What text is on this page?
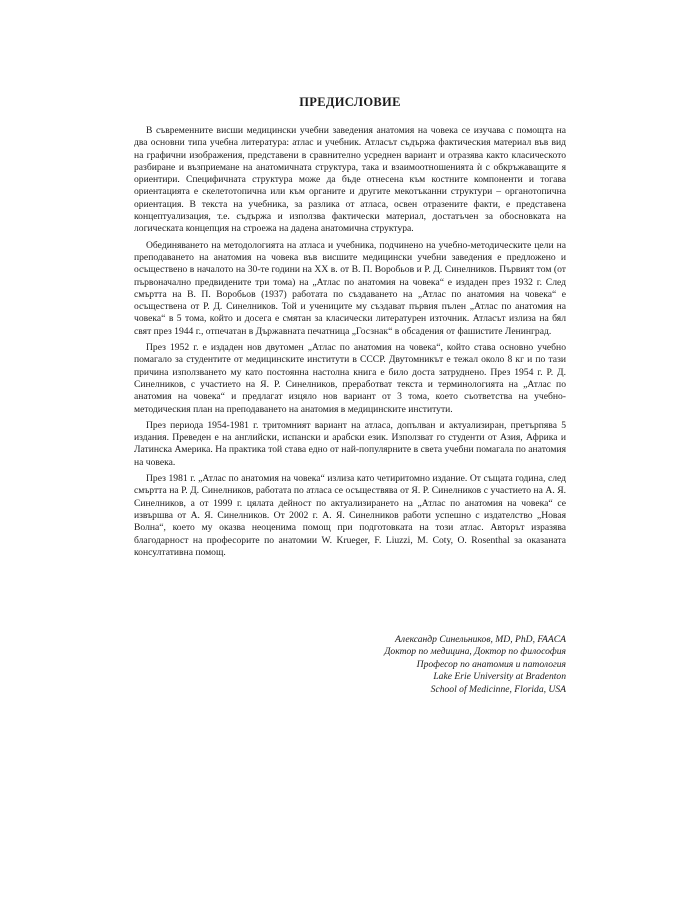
ПРЕДИСЛОВИЕ

В съвременните висши медицински учебни заведения анатомия на човека се изучава с помощта на два основни типа учебна литература: атлас и учебник. Атласът съдържа фактическия материал във вид на графични изображения, представени в сравнително усреднен вариант и отразява както класическото разбиране и възприемане на анатомичната структура, така и взаимоотношенията ѝ с обкръжаващите я ориентири. Специфичната структура може да бъде отнесена към костните компоненти и тогава ориентацията е скелетотопична или към органите и другите мекотъканни структури – органотопична ориентация. В текста на учебника, за разлика от атласа, освен отразените факти, е представена концептуализация, т.е. съдържа и използва фактически материал, достатъчен за обосновката на логическата концепция на строежа на дадена анатомична структура.

Обединяването на методологията на атласа и учебника, подчинено на учебно-методическите цели на преподаването на анатомия на човека във висшите медицински учебни заведения е предложено и осъществено в началото на 30-те години на XX в. от В. П. Воробьов и Р. Д. Синелников. Първият том (от първоначално предвидените три тома) на „Атлас по анатомия на човека“ е издаден през 1932 г. След смъртта на В. П. Воробьов (1937) работата по създаването на „Атлас по анатомия на човека“ е осъществена от Р. Д. Синелников. Той и учениците му създават първия пълен „Атлас по анатомия на човека“ в 5 тома, който и досега е смятан за класически литературен източник. Атласът излиза на бял свят през 1944 г., отпечатан в Държавната печатница „Госзнак“ в обсадения от фашистите Ленинград.

През 1952 г. е издаден нов двутомен „Атлас по анатомия на човека“, който става основно учебно помагало за студентите от медицинските институти в СССР. Двутомникът е тежал около 8 кг и по тази причина използването му като постоянна настолна книга е било доста затруднено. През 1954 г. Р. Д. Синелников, с участието на Я. Р. Синелников, преработват текста и терминологията на „Атлас по анатомия на човека“ и предлагат изцяло нов вариант от 3 тома, което съответства на учебно-методическия план на преподаването на анатомия в медицинските институти.

През периода 1954-1981 г. тритомният вариант на атласа, допълван и актуализиран, претърпява 5 издания. Преведен е на английски, испански и арабски език. Използват го студенти от Азия, Африка и Латинска Америка. На практика той става едно от най-популярните в света учебни помагала по анатомия на човека.

През 1981 г. „Атлас по анатомия на човека“ излиза като четиритомно издание. От същата година, след смъртта на Р. Д. Синелников, работата по атласа се осъществява от Я. Р. Синелников с участието на А. Я. Синелников, а от 1999 г. цялата дейност по актуализирането на „Атлас по анатомия на човека“ се извършва от А. Я. Синелников. От 2002 г. А. Я. Синелников работи успешно с издателство „Новая Волна“, което му оказва неоценима помощ при подготовката на този атлас. Авторът изразява благодарност на професорите по анатомии W. Krueger, F. Liuzzi, M. Coty, O. Rosenthal за оказаната консултативна помощ.

Александр Синельников, MD, PhD, FAACA
Доктор по медицина, Доктор по философия
Професор по анатомия и патология
Lake Erie University at Bradenton
School of Medicinne, Florida, USA
